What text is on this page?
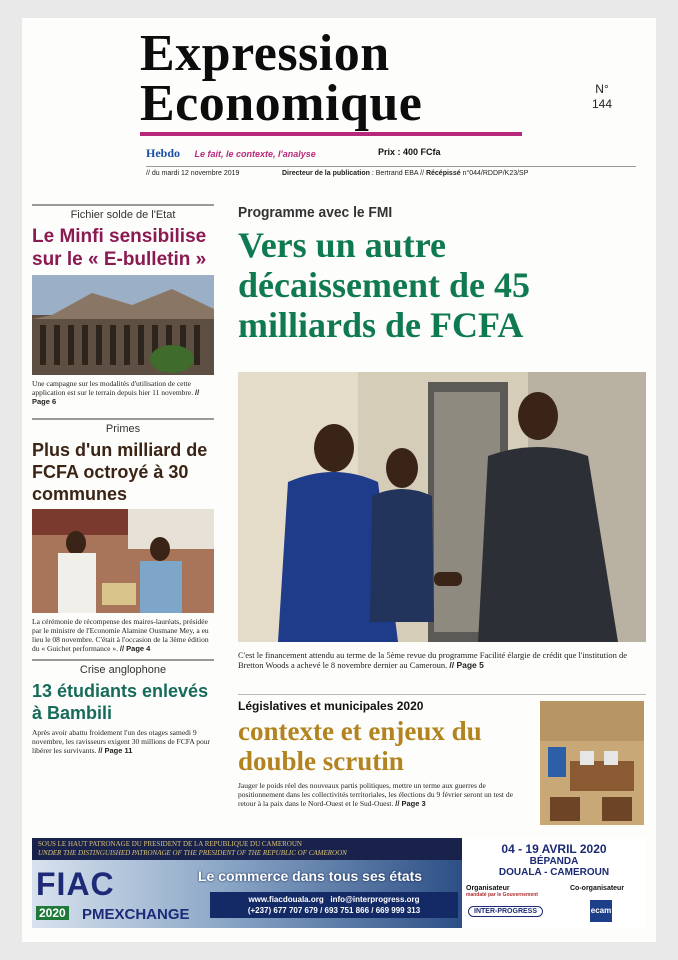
Expression
Economique	N°
144
Hebdo Le fait, le contexte, l'analyse	Prix : 400 FCfa
// du mardi 12 novembre 2019	Directeur de la publication : Bertrand EBA // Récépissé n°044/RDDP/K23/SP
Fichier solde de l'Etat
Le Minfi sensibilise sur le « E-bulletin »
Une campagne sur les modalités d'utilisation de cette application est sur le terrain depuis hier 11 novembre. // Page 6
Primes
Plus d'un milliard de FCFA octroyé à 30 communes
La cérémonie de récompense des maires-lauréats, présidée par le ministre de l'Economie Alamine Ousmane Mey, a eu lieu le 08 novembre. C'était à l'occasion de la 3ème édition du « Guichet performance ». // Page 4
Crise anglophone
13 étudiants enlevés à Bambili
Après avoir abattu froidement l'un des otages samedi 9 novembre, les ravisseurs exigent 30 millions de FCFA pour libérer les survivants. // Page 11
Programme avec le FMI
Vers un autre décaissement de 45 milliards de FCFA
C'est le financement attendu au terme de la 5ème revue du programme Facilité élargie de crédit que l'institution de Bretton Woods a achevé le 8 novembre dernier au Cameroun. // Page 5
Législatives et municipales 2020
contexte et enjeux du double scrutin
Jauger le poids réel des nouveaux partis politiques, mettre un terme aux guerres de positionnement dans les collectivités territoriales, les élections du 9 février seront un test de retour à la paix dans le Nord-Ouest et le Sud-Ouest. // Page 3
SOUS LE HAUT PATRONAGE DU PRESIDENT DE LA REPUBLIQUE DU CAMEROUN
UNDER THE DISTINGUISHED PATRONAGE OF THE PRESIDENT OF THE REPUBLIC OF CAMEROON	04 - 19 AVRIL 2020
BÉPANDA
DOUALA - CAMEROUN
FIAC
2020 PMEXCHANGE
Le commerce dans tous ses états
www.fiacdouala.org info@interprogress.org
(+237) 677 707 679 / 693 751 866 / 669 999 313
Organisateur
mandaté par le Gouvernement
Co-organisateur
INTER-PROGRESS	ecam
